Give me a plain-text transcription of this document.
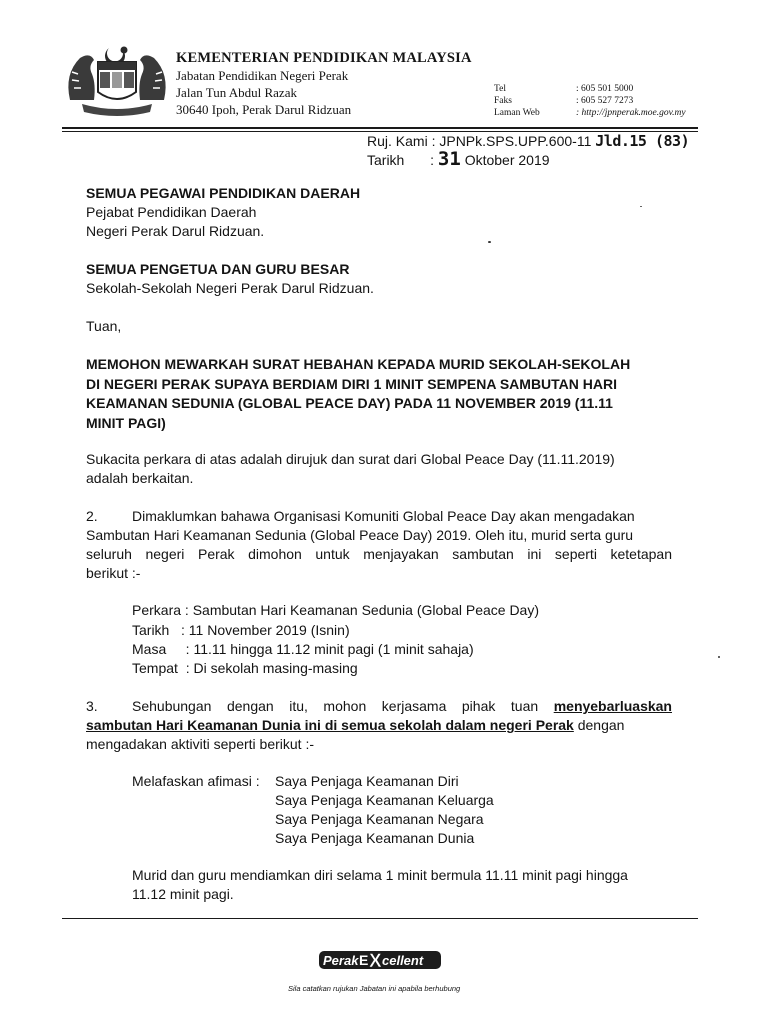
KEMENTERIAN PENDIDIKAN MALAYSIA
Jabatan Pendidikan Negeri Perak
Jalan Tun Abdul Razak
30640 Ipoh, Perak Darul Ridzuan
Tel	: 605 501 5000
Faks	: 605 527 7273
Laman Web	: http://jpnperak.moe.gov.my
Ruj. Kami : JPNPk.SPS.UPP.600-11 Jld.15 (83)
Tarikh : 31 Oktober 2019
SEMUA PEGAWAI PENDIDIKAN DAERAH
Pejabat Pendidikan Daerah
Negeri Perak Darul Ridzuan.
SEMUA PENGETUA DAN GURU BESAR
Sekolah-Sekolah Negeri Perak Darul Ridzuan.
Tuan,
MEMOHON MEWARKAH SURAT HEBAHAN KEPADA MURID SEKOLAH-SEKOLAH
DI NEGERI PERAK SUPAYA BERDIAM DIRI 1 MINIT SEMPENA SAMBUTAN HARI
KEAMANAN SEDUNIA (GLOBAL PEACE DAY) PADA 11 NOVEMBER 2019 (11.11
MINIT PAGI)
Sukacita perkara di atas adalah dirujuk dan surat dari Global Peace Day (11.11.2019)
adalah berkaitan.
2. Dimaklumkan bahawa Organisasi Komuniti Global Peace Day akan mengadakan
Sambutan Hari Keamanan Sedunia (Global Peace Day) 2019. Oleh itu, murid serta guru
seluruh negeri Perak dimohon untuk menjayakan sambutan ini seperti ketetapan
berikut :-
Perkara : Sambutan Hari Keamanan Sedunia (Global Peace Day)
Tarikh   : 11 November 2019 (Isnin)
Masa     : 11.11 hingga 11.12 minit pagi (1 minit sahaja)
Tempat  : Di sekolah masing-masing
3. Sehubungan dengan itu, mohon kerjasama pihak tuan menyebarluaskan
sambutan Hari Keamanan Dunia ini di semua sekolah dalam negeri Perak dengan
mengadakan aktiviti seperti berikut :-
Melafaskan afimasi : Saya Penjaga Keamanan Diri
Saya Penjaga Keamanan Keluarga
Saya Penjaga Keamanan Negara
Saya Penjaga Keamanan Dunia
Murid dan guru mendiamkan diri selama 1 minit bermula 11.11 minit pagi hingga
11.12 minit pagi.
Perak E X cellent
Sila catatkan rujukan Jabatan ini apabila berhubung
